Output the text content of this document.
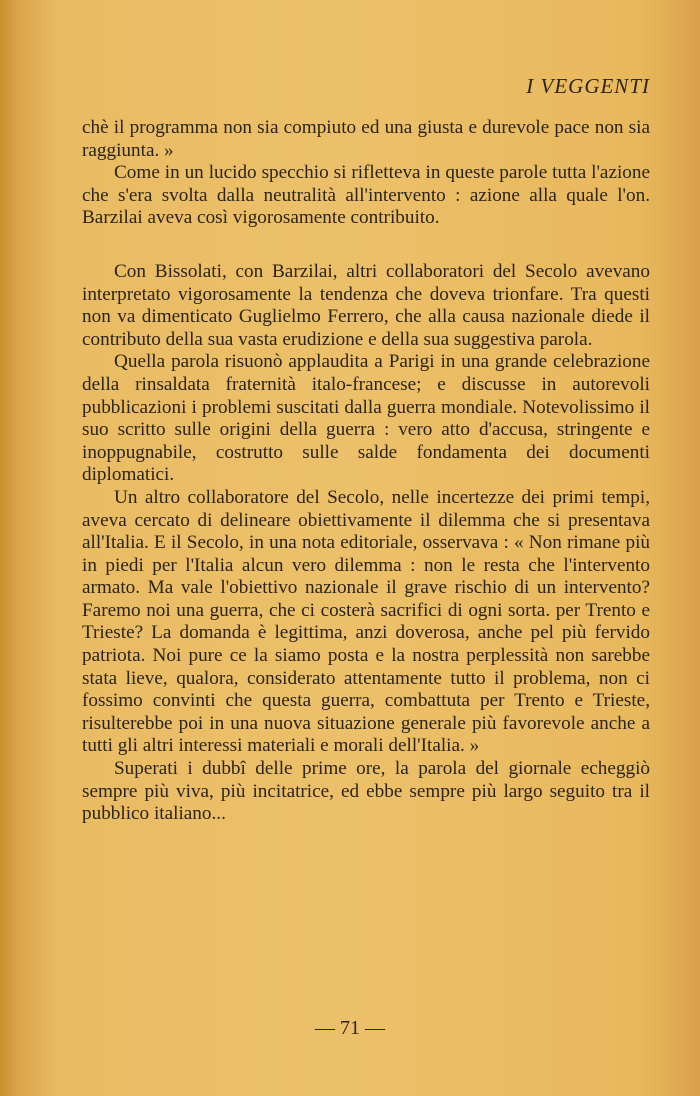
I VEGGENTI

chè il programma non sia compiuto ed una giusta e durevole pace non sia raggiunta. »

Come in un lucido specchio si rifletteva in queste parole tutta l'azione che s'era svolta dalla neutralità all'intervento : azione alla quale l'on. Barzilai aveva così vigorosamente contribuito.

Con Bissolati, con Barzilai, altri collaboratori del Secolo avevano interpretato vigorosamente la tendenza che doveva trionfare. Tra questi non va dimenticato Guglielmo Ferrero, che alla causa nazionale diede il contributo della sua vasta erudizione e della sua suggestiva parola.

Quella parola risuonò applaudita a Parigi in una grande celebrazione della rinsaldata fraternità italo-francese; e discusse in autorevoli pubblicazioni i problemi suscitati dalla guerra mondiale. Notevolissimo il suo scritto sulle origini della guerra : vero atto d'accusa, stringente e inoppugnabile, costrutto sulle salde fondamenta dei documenti diplomatici.

Un altro collaboratore del Secolo, nelle incertezze dei primi tempi, aveva cercato di delineare obiettivamente il dilemma che si presentava all'Italia. E il Secolo, in una nota editoriale, osservava : « Non rimane più in piedi per l'Italia alcun vero dilemma : non le resta che l'intervento armato. Ma vale l'obiettivo nazionale il grave rischio di un intervento? Faremo noi una guerra, che ci costerà sacrifici di ogni sorta. per Trento e Trieste? La domanda è legittima, anzi doverosa, anche pel più fervido patriota. Noi pure ce la siamo posta e la nostra perplessità non sarebbe stata lieve, qualora, considerato attentamente tutto il problema, non ci fossimo convinti che questa guerra, combattuta per Trento e Trieste, risulterebbe poi in una nuova situazione generale più favorevole anche a tutti gli altri interessi materiali e morali dell'Italia. »

Superati i dubbî delle prime ore, la parola del giornale echeggiò sempre più viva, più incitatrice, ed ebbe sempre più largo seguito tra il pubblico italiano...

— 71 —
